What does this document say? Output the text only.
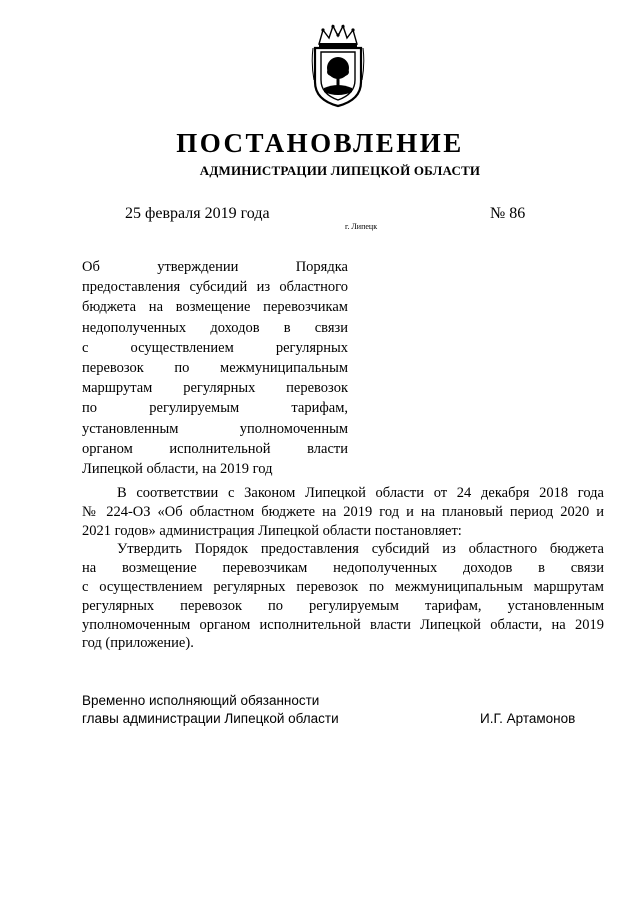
ПОСТАНОВЛЕНИЕ
АДМИНИСТРАЦИИ ЛИПЕЦКОЙ ОБЛАСТИ
25 февраля 2019 года
г. Липецк
№ 86
Об утверждении Порядка
предоставления субсидий из областного
бюджета на возмещение перевозчикам
недополученных доходов в связи
с осуществлением регулярных
перевозок по межмуниципальным
маршрутам регулярных перевозок
по регулируемым тарифам,
установленным уполномоченным
органом исполнительной власти
Липецкой области, на 2019 год
В соответствии с Законом Липецкой области от 24 декабря 2018 года
№ 224-ОЗ «Об областном бюджете на 2019 год и на плановый период 2020 и
2021 годов» администрация Липецкой области постановляет:
Утвердить Порядок предоставления субсидий из областного бюджета
на возмещение перевозчикам недополученных доходов в связи
с осуществлением регулярных перевозок по межмуниципальным маршрутам
регулярных перевозок по регулируемым тарифам, установленным
уполномоченным органом исполнительной власти Липецкой области, на 2019
год (приложение).
Временно исполняющий обязанности
главы администрации Липецкой области	И.Г. Артамонов
